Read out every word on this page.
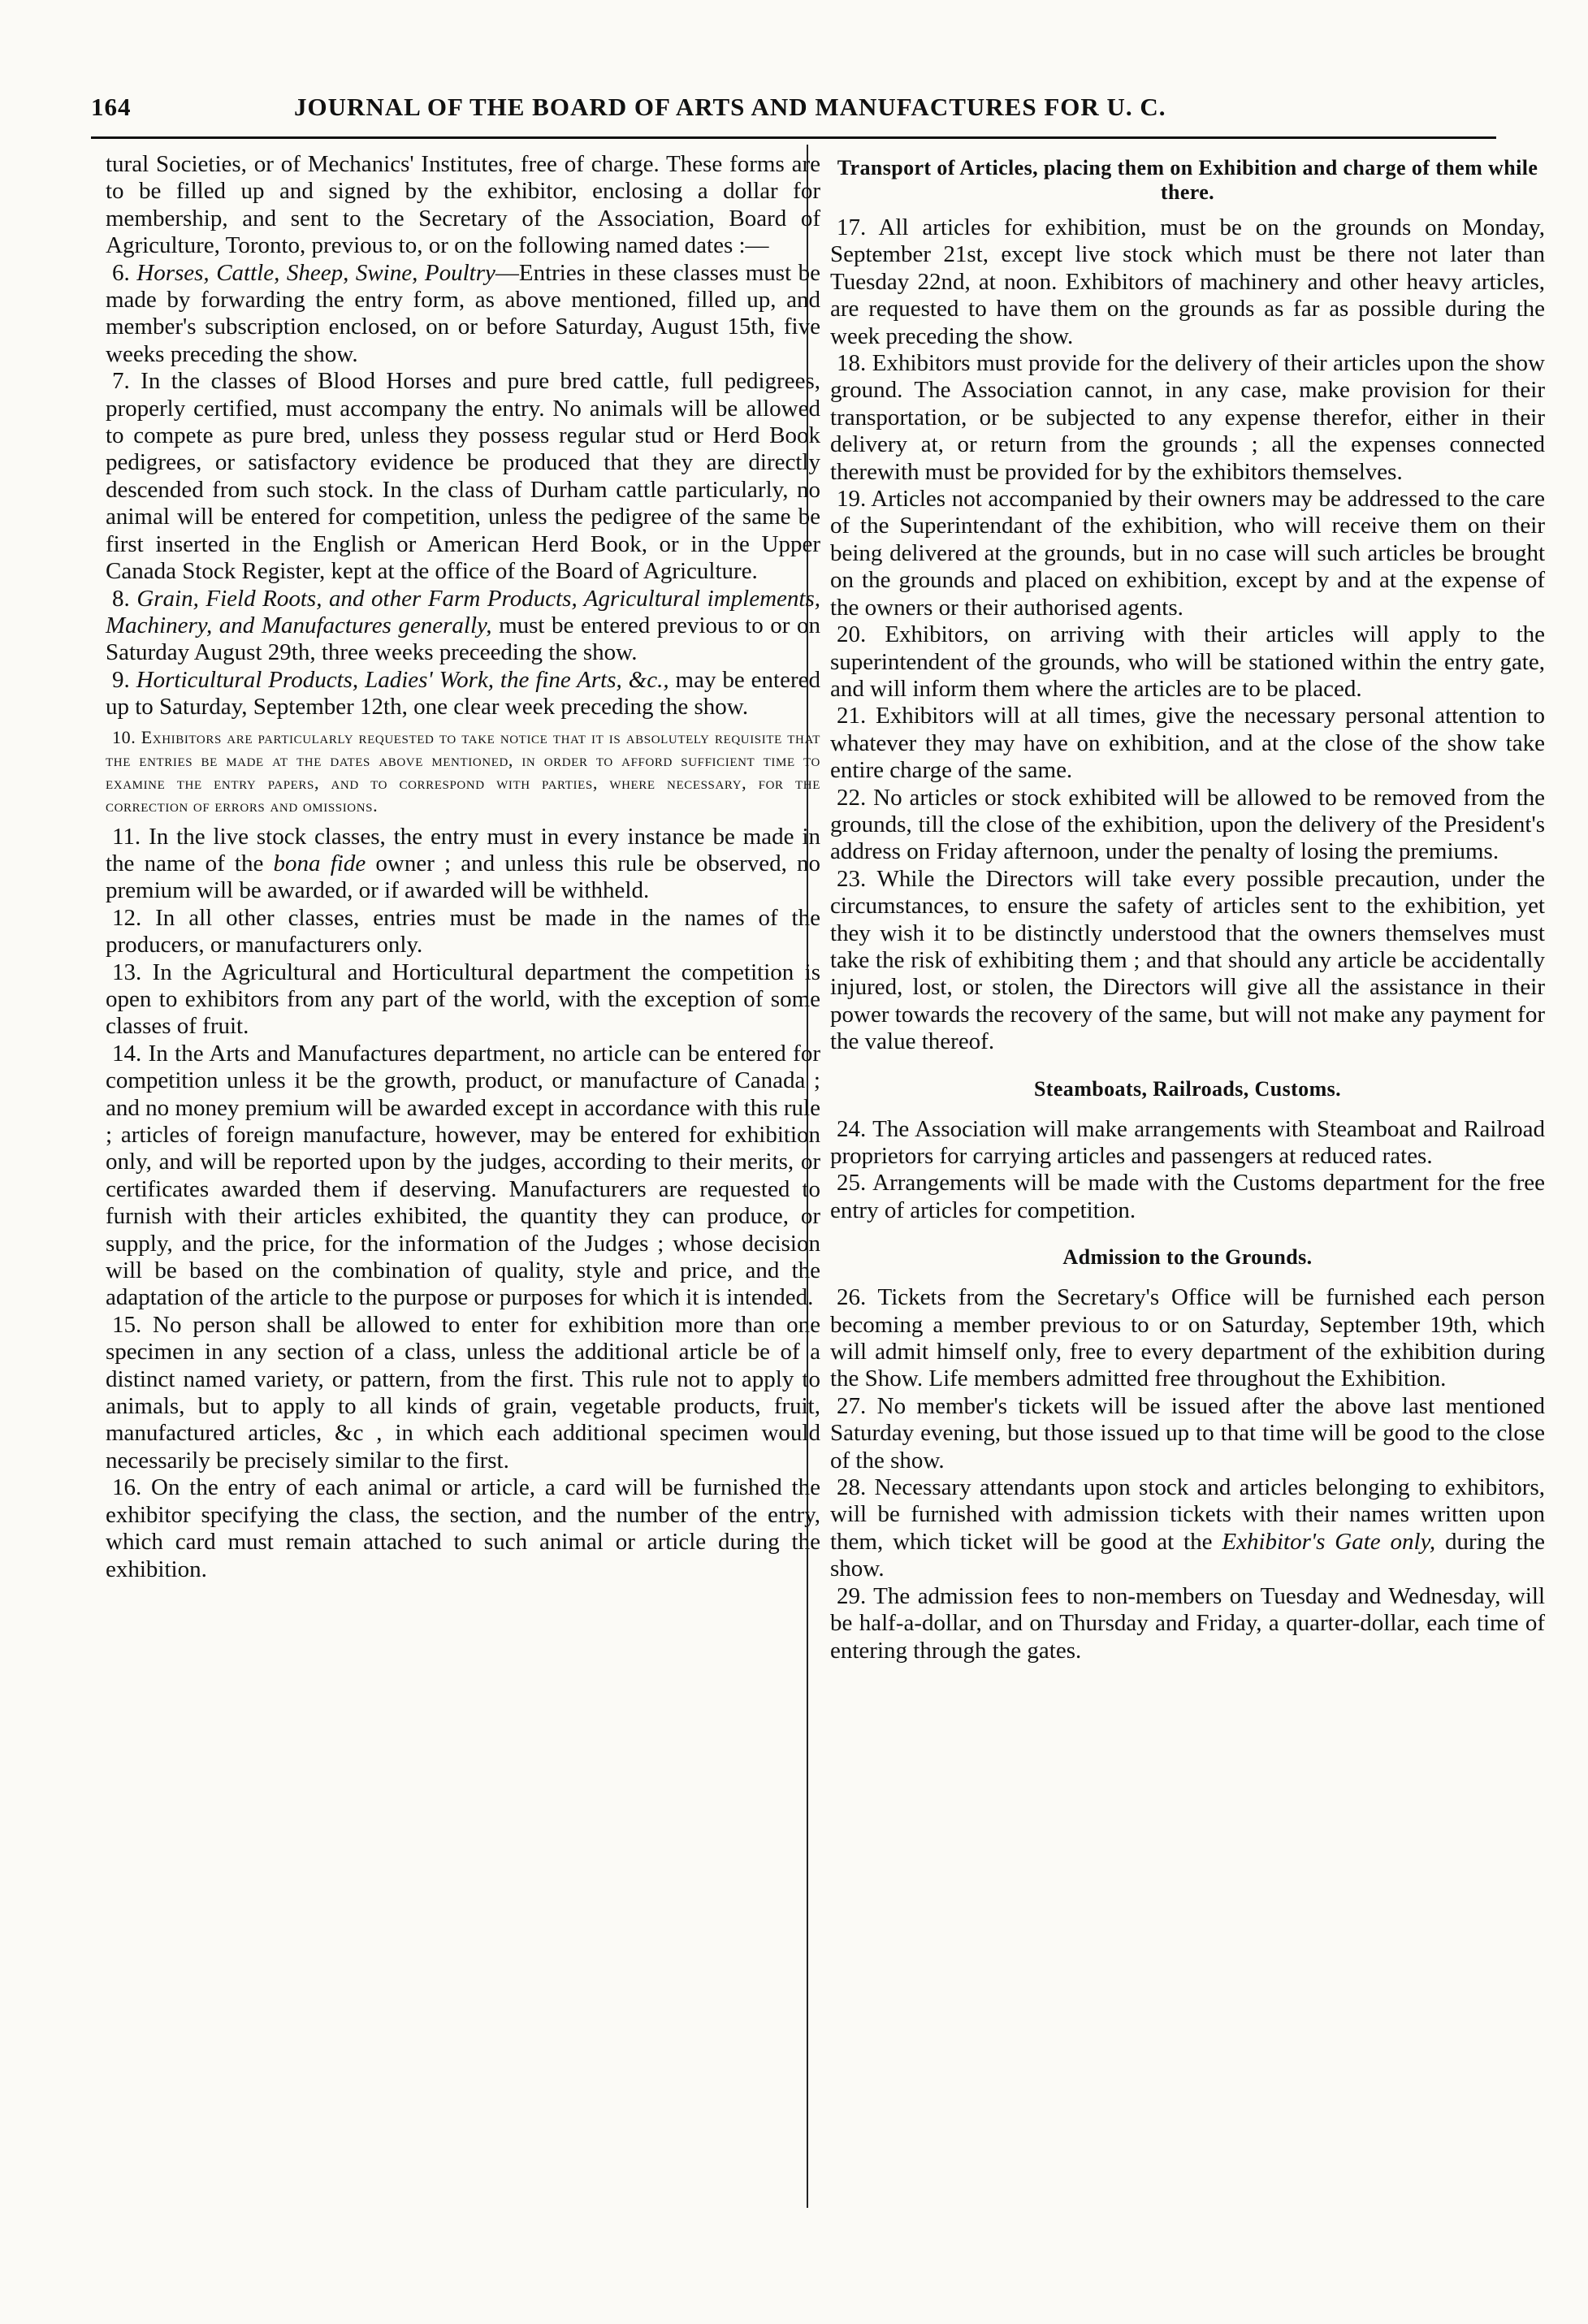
164	JOURNAL OF THE BOARD OF ARTS AND MANUFACTURES FOR U. C.

tural Societies, or of Mechanics' Institutes, free of charge. These forms are to be filled up and signed by the exhibitor, enclosing a dollar for membership, and sent to the Secretary of the Association, Board of Agriculture, Toronto, previous to, or on the following named dates :—

6. Horses, Cattle, Sheep, Swine, Poultry—Entries in these classes must be made by forwarding the entry form, as above mentioned, filled up, and member's subscription enclosed, on or before Saturday, August 15th, five weeks preceding the show.

7. In the classes of Blood Horses and pure bred cattle, full pedigrees, properly certified, must accompany the entry. No animals will be allowed to compete as pure bred, unless they possess regular stud or Herd Book pedigrees, or satisfactory evidence be produced that they are directly descended from such stock. In the class of Durham cattle particularly, no animal will be entered for competition, unless the pedigree of the same be first inserted in the English or American Herd Book, or in the Upper Canada Stock Register, kept at the office of the Board of Agriculture.

8. Grain, Field Roots, and other Farm Products, Agricultural implements, Machinery, and Manufactures generally, must be entered previous to or on Saturday August 29th, three weeks preceeding the show.

9. Horticultural Products, Ladies' Work, the fine Arts, &c., may be entered up to Saturday, September 12th, one clear week preceding the show.

10. Exhibitors are particularly requested to take notice that it is absolutely requisite that the entries be made at the dates above mentioned, in order to afford sufficient time to examine the entry papers, and to correspond with parties, where necessary, for the correction of errors and omissions.

11. In the live stock classes, the entry must in every instance be made in the name of the bona fide owner ; and unless this rule be observed, no premium will be awarded, or if awarded will be withheld.

12. In all other classes, entries must be made in the names of the producers, or manufacturers only.

13. In the Agricultural and Horticultural department the competition is open to exhibitors from any part of the world, with the exception of some classes of fruit.

14. In the Arts and Manufactures department, no article can be entered for competition unless it be the growth, product, or manufacture of Canada ; and no money premium will be awarded except in accordance with this rule ; articles of foreign manufacture, however, may be entered for exhibition only, and will be reported upon by the judges, according to their merits, or certificates awarded them if deserving. Manufacturers are requested to furnish with their articles exhibited, the quantity they can produce, or supply, and the price, for the information of the Judges ; whose decision will be based on the combination of quality, style and price, and the adaptation of the article to the purpose or purposes for which it is intended.

15. No person shall be allowed to enter for exhibition more than one specimen in any section of a class, unless the additional article be of a distinct named variety, or pattern, from the first. This rule not to apply to animals, but to apply to all kinds of grain, vegetable products, fruit, manufactured articles, &c , in which each additional specimen would necessarily be precisely similar to the first.

16. On the entry of each animal or article, a card will be furnished the exhibitor specifying the class, the section, and the number of the entry, which card must remain attached to such animal or article during the exhibition.

Transport of Articles, placing them on Exhibition and charge of them while there.

17. All articles for exhibition, must be on the grounds on Monday, September 21st, except live stock which must be there not later than Tuesday 22nd, at noon. Exhibitors of machinery and other heavy articles, are requested to have them on the grounds as far as possible during the week preceding the show.

18. Exhibitors must provide for the delivery of their articles upon the show ground. The Association cannot, in any case, make provision for their transportation, or be subjected to any expense therefor, either in their delivery at, or return from the grounds ; all the expenses connected therewith must be provided for by the exhibitors themselves.

19. Articles not accompanied by their owners may be addressed to the care of the Superintendant of the exhibition, who will receive them on their being delivered at the grounds, but in no case will such articles be brought on the grounds and placed on exhibition, except by and at the expense of the owners or their authorised agents.

20. Exhibitors, on arriving with their articles will apply to the superintendent of the grounds, who will be stationed within the entry gate, and will inform them where the articles are to be placed.

21. Exhibitors will at all times, give the necessary personal attention to whatever they may have on exhibition, and at the close of the show take entire charge of the same.

22. No articles or stock exhibited will be allowed to be removed from the grounds, till the close of the exhibition, upon the delivery of the President's address on Friday afternoon, under the penalty of losing the premiums.

23. While the Directors will take every possible precaution, under the circumstances, to ensure the safety of articles sent to the exhibition, yet they wish it to be distinctly understood that the owners themselves must take the risk of exhibiting them ; and that should any article be accidentally injured, lost, or stolen, the Directors will give all the assistance in their power towards the recovery of the same, but will not make any payment for the value thereof.

Steamboats, Railroads, Customs.

24. The Association will make arrangements with Steamboat and Railroad proprietors for carrying articles and passengers at reduced rates.

25. Arrangements will be made with the Customs department for the free entry of articles for competition.

Admission to the Grounds.

26. Tickets from the Secretary's Office will be furnished each person becoming a member previous to or on Saturday, September 19th, which will admit himself only, free to every department of the exhibition during the Show. Life members admitted free throughout the Exhibition.

27. No member's tickets will be issued after the above last mentioned Saturday evening, but those issued up to that time will be good to the close of the show.

28. Necessary attendants upon stock and articles belonging to exhibitors, will be furnished with admission tickets with their names written upon them, which ticket will be good at the Exhibitor's Gate only, during the show.

29. The admission fees to non-members on Tuesday and Wednesday, will be half-a-dollar, and on Thursday and Friday, a quarter-dollar, each time of entering through the gates.
